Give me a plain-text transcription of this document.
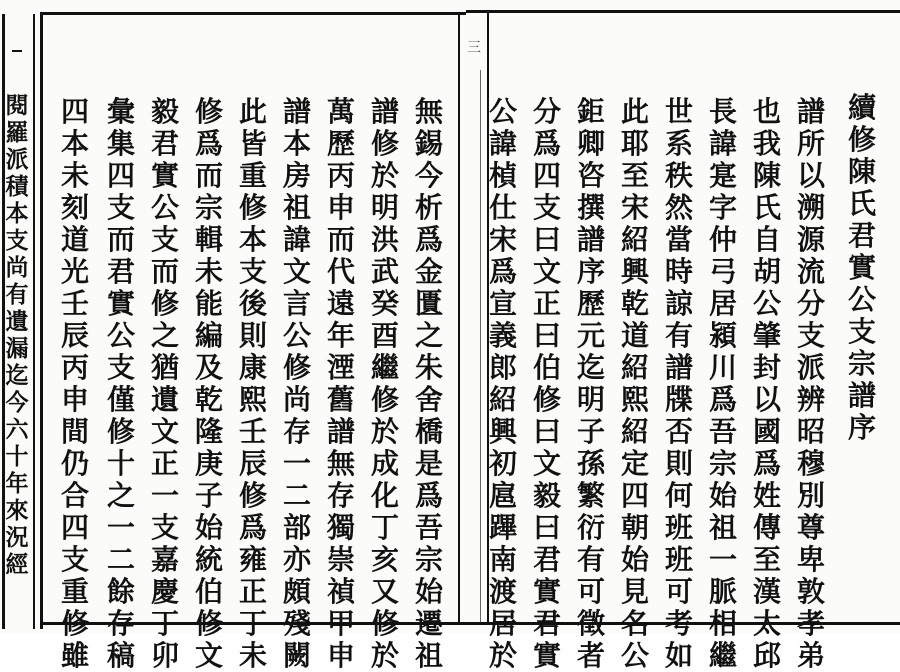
閱
羅
派
積
本
支
尚
有
遺
漏
迄
今
六
十
年
來
況
經
三
續
修
陳
氏
君
實
公
支
宗
譜
序
譜
所
以
溯
源
流
分
支
派
辨
昭
穆
別
尊
卑
敦
孝
弟
也
我
陳
氏
自
胡
公
肇
封
以
國
爲
姓
傳
至
漢
太
邱
長
諱
寔
字
仲
弓
居
潁
川
爲
吾
宗
始
祖
一
脈
相
繼
世
系
秩
然
當
時
諒
有
譜
牒
否
則
何
班
班
可
考
如
此
耶
至
宋
紹
興
乾
道
紹
熙
紹
定
四
朝
始
見
名
公
鉅
卿
咨
撰
譜
序
歷
元
迄
明
子
孫
繁
衍
有
可
徵
者
分
爲
四
支
曰
文
正
曰
伯
修
曰
文
毅
曰
君
實
君
實
公
諱
楨
仕
宋
爲
宣
義
郎
紹
興
初
扈
蹕
南
渡
居
於
無
錫
今
析
爲
金
匱
之
朱
舍
橋
是
爲
吾
宗
始
遷
祖
譜
修
於
明
洪
武
癸
酉
繼
修
於
成
化
丁
亥
又
修
於
萬
歷
丙
申
而
代
遠
年
湮
舊
譜
無
存
獨
崇
禎
甲
申
譜
本
房
祖
諱
文
言
公
修
尚
存
一
二
部
亦
頗
殘
闕
此
皆
重
修
本
支
後
則
康
熙
壬
辰
修
爲
雍
正
丁
未
修
爲
而
宗
輯
未
能
編
及
乾
隆
庚
子
始
統
伯
修
文
毅
君
實
公
支
而
修
之
猶
遺
文
正
一
支
嘉
慶
丁
卯
彙
集
四
支
而
君
實
公
支
僅
修
十
之
一
二
餘
存
稿
四
本
未
刻
道
光
壬
辰
丙
申
間
仍
合
四
支
重
修
雖
